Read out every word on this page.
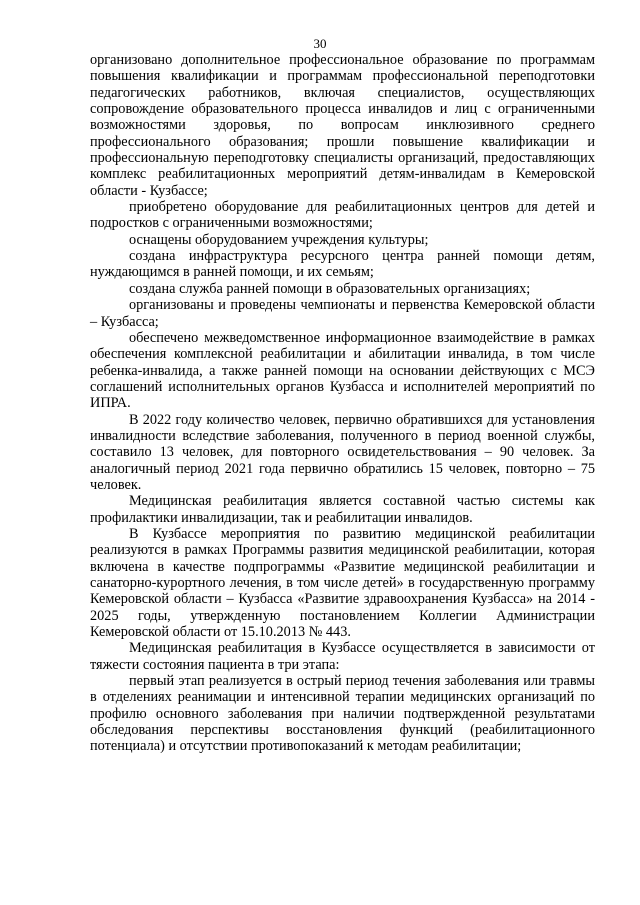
30

организовано дополнительное профессиональное образование по программам повышения квалификации и программам профессиональной переподготовки педагогических работников, включая специалистов, осуществляющих сопровождение образовательного процесса инвалидов и лиц с ограниченными возможностями здоровья, по вопросам инклюзивного среднего профессионального образования; прошли повышение квалификации и профессиональную переподготовку специалисты организаций, предоставляющих комплекс реабилитационных мероприятий детям-инвалидам в Кемеровской области - Кузбассе;

приобретено оборудование для реабилитационных центров для детей и подростков с ограниченными возможностями;

оснащены оборудованием учреждения культуры;

создана инфраструктура ресурсного центра ранней помощи детям, нуждающимся в ранней помощи, и их семьям;

создана служба ранней помощи в образовательных организациях;

организованы и проведены чемпионаты и первенства Кемеровской области – Кузбасса;

обеспечено межведомственное информационное взаимодействие в рамках обеспечения комплексной реабилитации и абилитации инвалида, в том числе ребенка-инвалида, а также ранней помощи на основании действующих с МСЭ соглашений исполнительных органов Кузбасса и исполнителей мероприятий по ИПРА.

В 2022 году количество человек, первично обратившихся для установления инвалидности вследствие заболевания, полученного в период военной службы, составило 13 человек, для повторного освидетельствования – 90 человек. За аналогичный период 2021 года первично обратились 15 человек, повторно – 75 человек.

Медицинская реабилитация является составной частью системы как профилактики инвалидизации, так и реабилитации инвалидов.

В Кузбассе мероприятия по развитию медицинской реабилитации реализуются в рамках Программы развития медицинской реабилитации, которая включена в качестве подпрограммы «Развитие медицинской реабилитации и санаторно-курортного лечения, в том числе детей» в государственную программу Кемеровской области – Кузбасса «Развитие здравоохранения Кузбасса» на 2014 - 2025 годы, утвержденную постановлением Коллегии Администрации Кемеровской области от 15.10.2013 № 443.

Медицинская реабилитация в Кузбассе осуществляется в зависимости от тяжести состояния пациента в три этапа:

первый этап реализуется в острый период течения заболевания или травмы в отделениях реанимации и интенсивной терапии медицинских организаций по профилю основного заболевания при наличии подтвержденной результатами обследования перспективы восстановления функций (реабилитационного потенциала) и отсутствии противопоказаний к методам реабилитации;
